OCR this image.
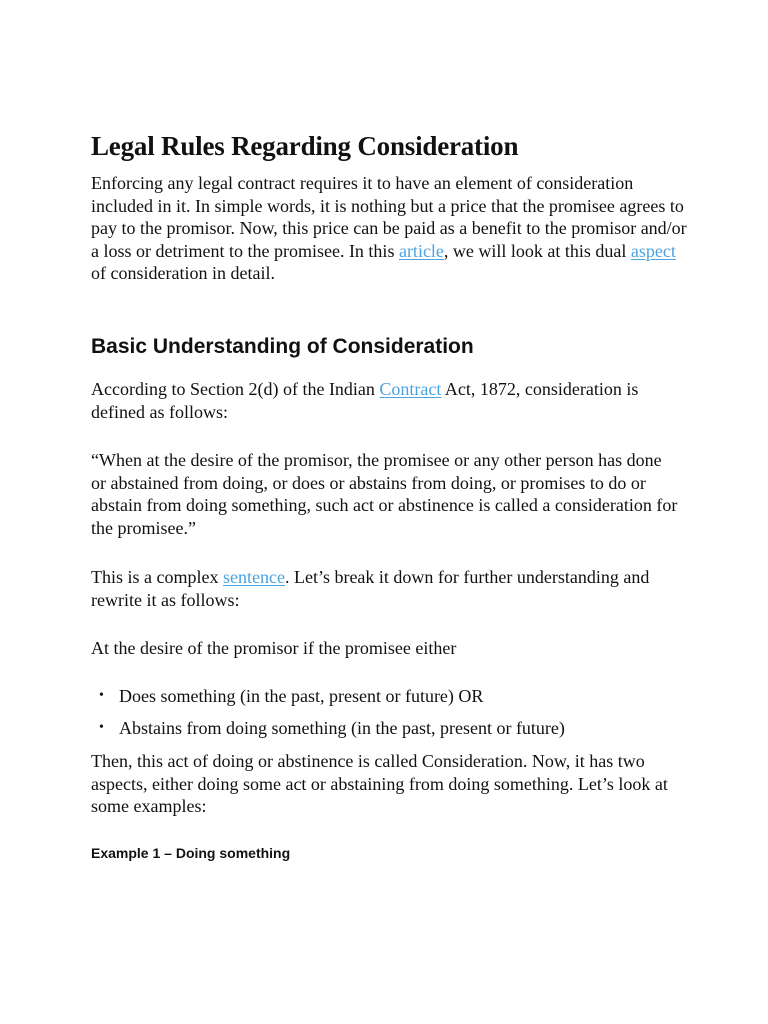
Legal Rules Regarding Consideration

Enforcing any legal contract requires it to have an element of consideration included in it. In simple words, it is nothing but a price that the promisee agrees to pay to the promisor. Now, this price can be paid as a benefit to the promisor and/or a loss or detriment to the promisee. In this article, we will look at this dual aspect of consideration in detail.

Basic Understanding of Consideration

According to Section 2(d) of the Indian Contract Act, 1872, consideration is defined as follows:

“When at the desire of the promisor, the promisee or any other person has done or abstained from doing, or does or abstains from doing, or promises to do or abstain from doing something, such act or abstinence is called a consideration for the promisee.”

This is a complex sentence. Let’s break it down for further understanding and rewrite it as follows:

At the desire of the promisor if the promisee either

• Does something (in the past, present or future) OR
• Abstains from doing something (in the past, present or future)

Then, this act of doing or abstinence is called Consideration. Now, it has two aspects, either doing some act or abstaining from doing something. Let’s look at some examples:

Example 1 – Doing something
